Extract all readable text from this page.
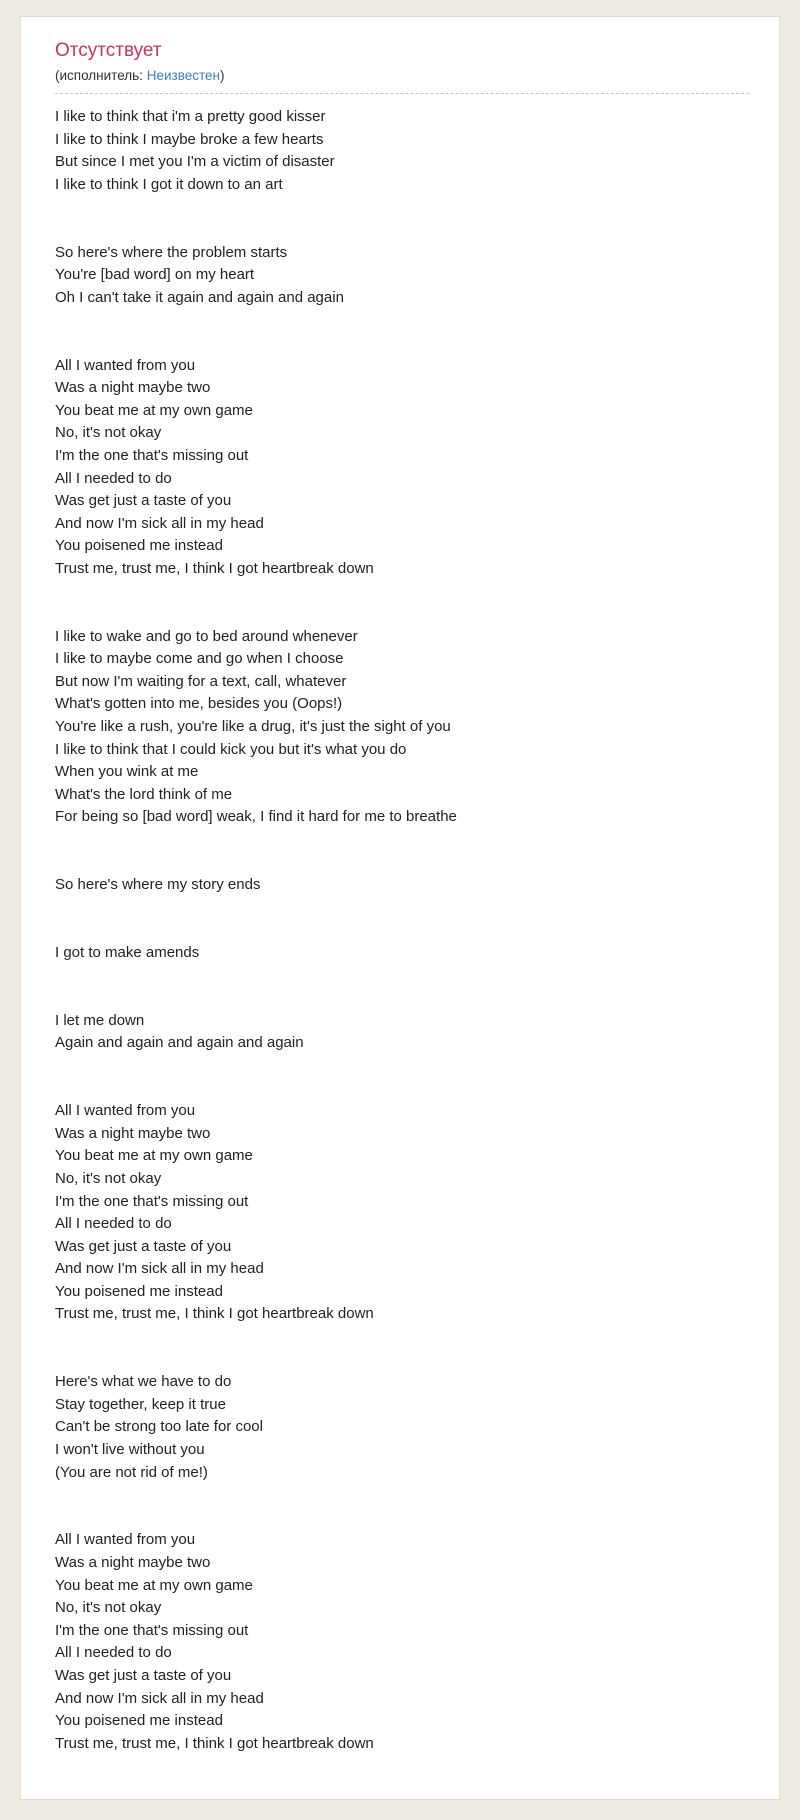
Отсутствует
(исполнитель: Неизвестен)
I like to think that i'm a pretty good kisser
I like to think I maybe broke a few hearts
But since I met you I'm a victim of disaster
I like to think I got it down to an art
So here's where the problem starts
You're [bad word] on my heart
Oh I can't take it again and again and again
All I wanted from you
Was a night maybe two
You beat me at my own game
No, it's not okay
I'm the one that's missing out
All I needed to do
Was get just a taste of you
And now I'm sick all in my head
You poisened me instead
Trust me, trust me, I think I got heartbreak down
I like to wake and go to bed around whenever
I like to maybe come and go when I choose
But now I'm waiting for a text, call, whatever
What's gotten into me, besides you (Oops!)
You're like a rush, you're like a drug, it's just the sight of you
I like to think that I could kick you but it's what you do
When you wink at me
What's the lord think of me
For being so [bad word] weak, I find it hard for me to breathe
So here's where my story ends
I got to make amends
I let me down
Again and again and again and again
All I wanted from you
Was a night maybe two
You beat me at my own game
No, it's not okay
I'm the one that's missing out
All I needed to do
Was get just a taste of you
And now I'm sick all in my head
You poisened me instead
Trust me, trust me, I think I got heartbreak down
Here's what we have to do
Stay together, keep it true
Can't be strong too late for cool
I won't live without you
(You are not rid of me!)
All I wanted from you
Was a night maybe two
You beat me at my own game
No, it's not okay
I'm the one that's missing out
All I needed to do
Was get just a taste of you
And now I'm sick all in my head
You poisened me instead
Trust me, trust me, I think I got heartbreak down
